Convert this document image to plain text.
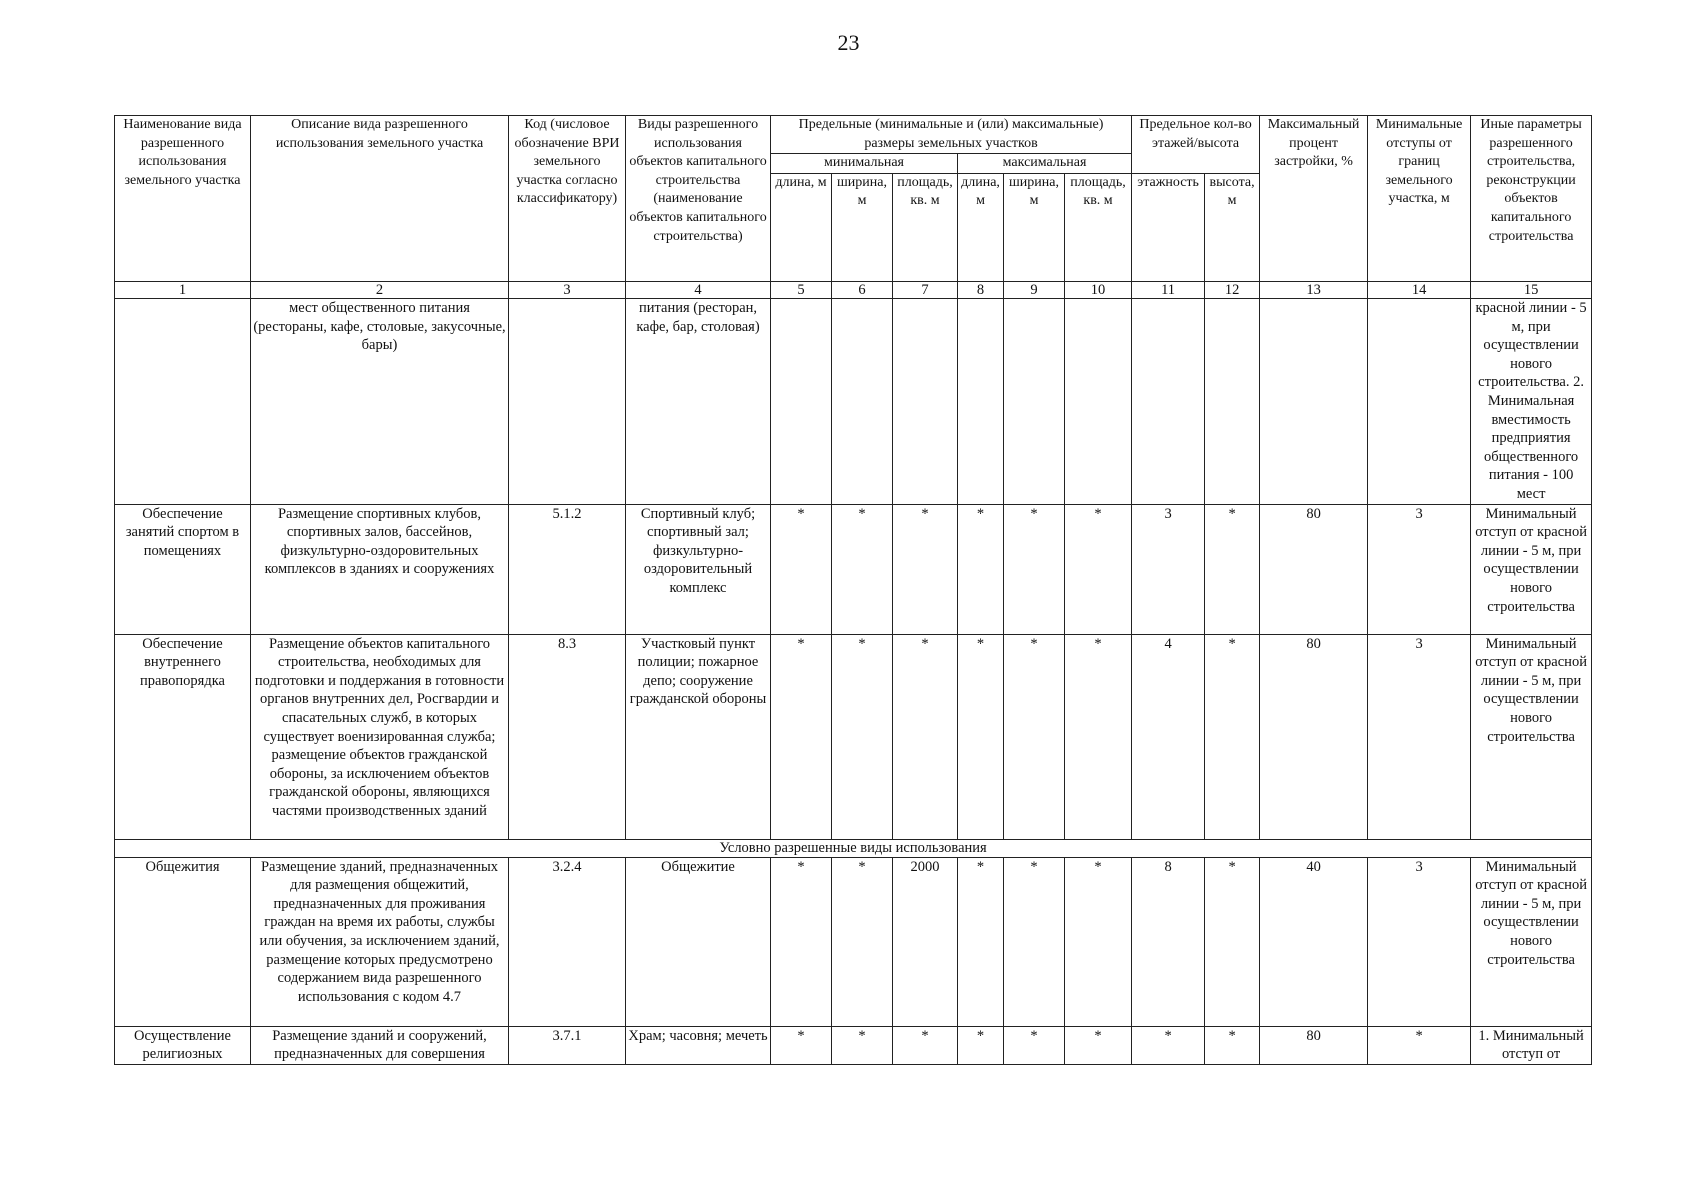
23
Наименование вида разрешенного использования земельного участка	Описание вида разрешенного использования земельного участка	Код (числовое обозначение ВРИ земельного участка согласно классификатору)	Виды разрешенного использования объектов капитального строительства (наименование объектов капитального строительства)	Предельные (минимальные и (или) максимальные) размеры земельных участков						Предельное кол-во этажей/высота		Максимальный процент застройки, %	Минимальные отступы от границ земельного участка, м	Иные параметры разрешенного строительства, реконструкции объектов капитального строительства
				минимальная			максимальная							
				длина, м	ширина, м	площадь, кв. м	длина, м	ширина, м	площадь, кв. м	этажность	высота, м			

1	2	3	4	5	6	7	8	9	10	11	12	13	14	15
	мест общественного питания (рестораны, кафе, столовые, закусочные, бары)		питания (ресторан, кафе, бар, столовая)											красной линии - 5 м, при осуществлении нового строительства. 2. Минимальная вместимость предприятия общественного питания - 100 мест
Обеспечение занятий спортом в помещениях	Размещение спортивных клубов, спортивных залов, бассейнов, физкультурно-оздоровительных комплексов в зданиях и сооружениях	5.1.2	Спортивный клуб; спортивный зал; физкультурно-оздоровительный комплекс	*	*	*	*	*	*	3	*	80	3	Минимальный отступ от красной линии - 5 м, при осуществлении нового строительства
Обеспечение внутреннего правопорядка	Размещение объектов капитального строительства, необходимых для подготовки и поддержания в готовности органов внутренних дел, Росгвардии и спасательных служб, в которых существует военизированная служба; размещение объектов гражданской обороны, за исключением объектов гражданской обороны, являющихся частями производственных зданий	8.3	Участковый пункт полиции; пожарное депо; сооружение гражданской обороны	*	*	*	*	*	*	4	*	80	3	Минимальный отступ от красной линии - 5 м, при осуществлении нового строительства
Условно разрешенные виды использования														
Общежития	Размещение зданий, предназначенных для размещения общежитий, предназначенных для проживания граждан на время их работы, службы или обучения, за исключением зданий, размещение которых предусмотрено содержанием вида разрешенного использования с кодом 4.7	3.2.4	Общежитие	*	*	2000	*	*	*	8	*	40	3	Минимальный отступ от красной линии - 5 м, при осуществлении нового строительства
Осуществление религиозных	Размещение зданий и сооружений, предназначенных для совершения	3.7.1	Храм; часовня; мечеть	*	*	*	*	*	*	*	*	80	*	1. Минимальный отступ от
